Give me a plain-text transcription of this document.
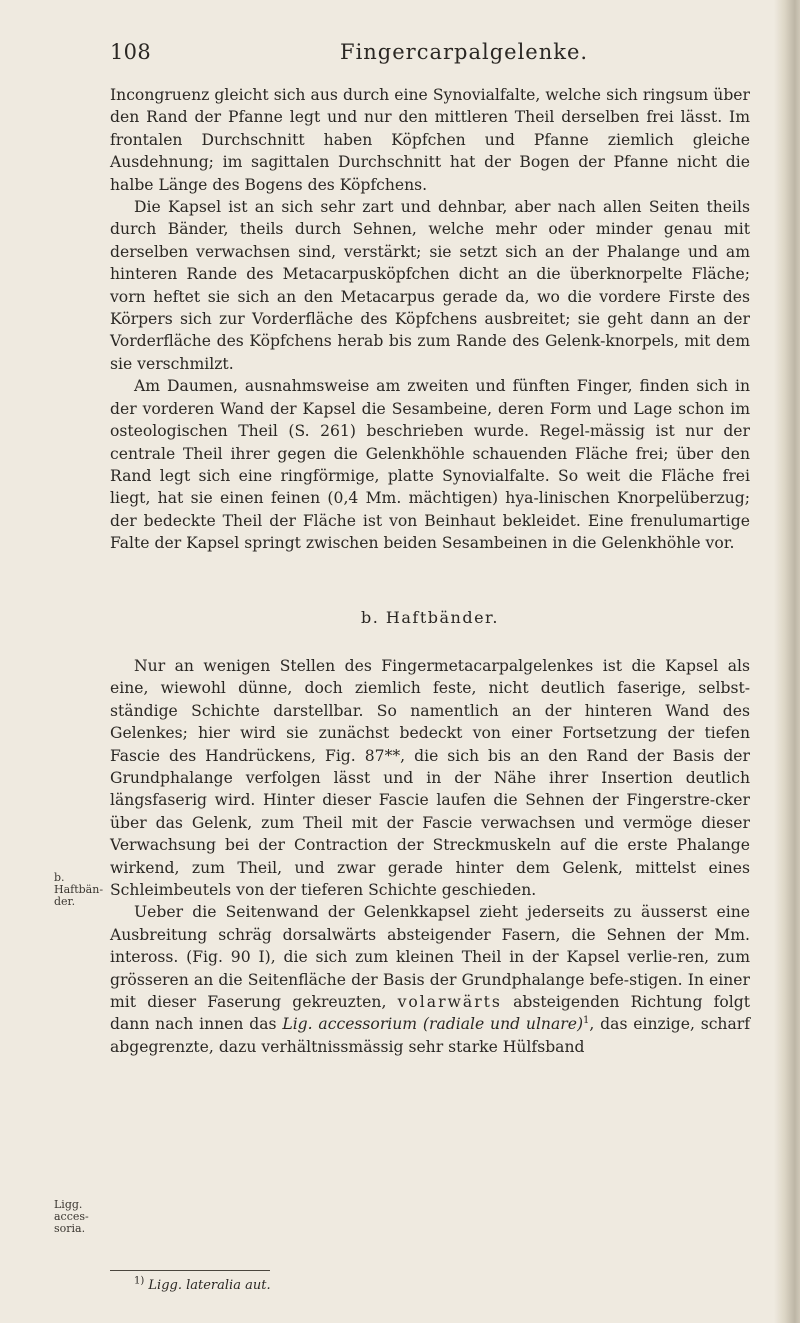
108	Fingercarpalgelenke.
b. Haftbän-der.
Ligg. acces-soria.

Incongruenz gleicht sich aus durch eine Synovialfalte, welche sich ringsum über den Rand der Pfanne legt und nur den mittleren Theil derselben frei lässt. Im frontalen Durchschnitt haben Köpfchen und Pfanne ziemlich gleiche Ausdehnung; im sagittalen Durchschnitt hat der Bogen der Pfanne nicht die halbe Länge des Bogens des Köpfchens.

Die Kapsel ist an sich sehr zart und dehnbar, aber nach allen Seiten theils durch Bänder, theils durch Sehnen, welche mehr oder minder genau mit derselben verwachsen sind, verstärkt; sie setzt sich an der Phalange und am hinteren Rande des Metacarpusköpfchen dicht an die überknorpelte Fläche; vorn heftet sie sich an den Metacarpus gerade da, wo die vordere Firste des Körpers sich zur Vorderfläche des Köpfchens ausbreitet; sie geht dann an der Vorderfläche des Köpfchens herab bis zum Rande des Gelenk-knorpels, mit dem sie verschmilzt.

Am Daumen, ausnahmsweise am zweiten und fünften Finger, finden sich in der vorderen Wand der Kapsel die Sesambeine, deren Form und Lage schon im osteologischen Theil (S. 261) beschrieben wurde. Regel-mässig ist nur der centrale Theil ihrer gegen die Gelenkhöhle schauenden Fläche frei; über den Rand legt sich eine ringförmige, platte Synovialfalte. So weit die Fläche frei liegt, hat sie einen feinen (0,4 Mm. mächtigen) hya-linischen Knorpelüberzug; der bedeckte Theil der Fläche ist von Beinhaut bekleidet. Eine frenulumartige Falte der Kapsel springt zwischen beiden Sesambeinen in die Gelenkhöhle vor.

b. Haftbänder.

Nur an wenigen Stellen des Fingermetacarpalgelenkes ist die Kapsel als eine, wiewohl dünne, doch ziemlich feste, nicht deutlich faserige, selbst-ständige Schichte darstellbar. So namentlich an der hinteren Wand des Gelenkes; hier wird sie zunächst bedeckt von einer Fortsetzung der tiefen Fascie des Handrückens, Fig. 87**, die sich bis an den Rand der Basis der Grundphalange verfolgen lässt und in der Nähe ihrer Insertion deutlich längsfaserig wird. Hinter dieser Fascie laufen die Sehnen der Fingerstre-cker über das Gelenk, zum Theil mit der Fascie verwachsen und vermöge dieser Verwachsung bei der Contraction der Streckmuskeln auf die erste Phalange wirkend, zum Theil, und zwar gerade hinter dem Gelenk, mittelst eines Schleimbeutels von der tieferen Schichte geschieden.

Ueber die Seitenwand der Gelenkkapsel zieht jederseits zu äusserst eine Ausbreitung schräg dorsalwärts absteigender Fasern, die Sehnen der Mm. inteross. (Fig. 90 I), die sich zum kleinen Theil in der Kapsel verlie-ren, zum grösseren an die Seitenfläche der Basis der Grundphalange befe-stigen. In einer mit dieser Faserung gekreuzten, volarwärts absteigenden Richtung folgt dann nach innen das Lig. accessorium (radiale und ulnare)$^1$, das einzige, scharf abgegrenzte, dazu verhältnissmässig sehr starke Hülfsband

$^{1)}$ Ligg. lateralia aut.
